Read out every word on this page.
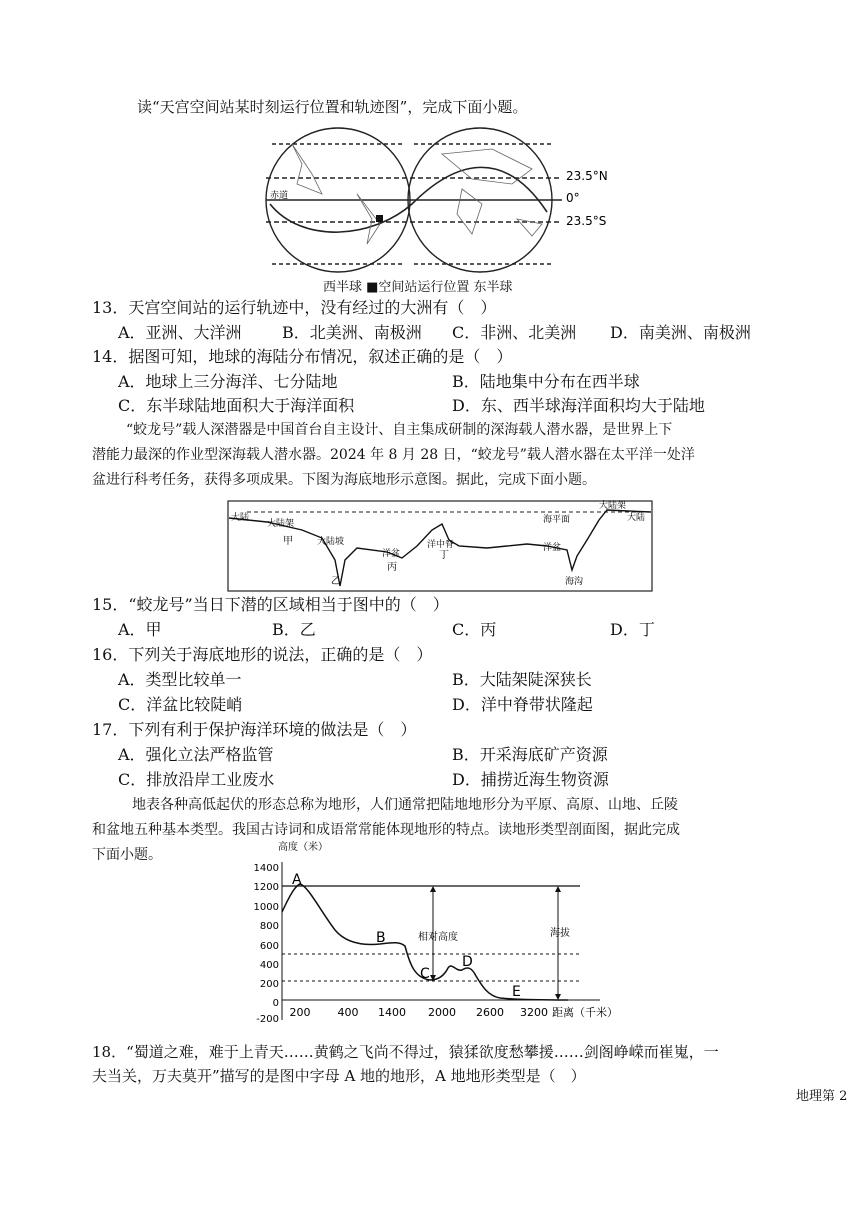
读“天宫空间站某时刻运行位置和轨迹图”，完成下面小题。
23.5°N
0°
23.5°S
赤道
西半球 ■空间站运行位置 东半球
13．天宫空间站的运行轨迹中，没有经过的大洲有（　）
A．亚洲、大洋洲	B．北美洲、南极洲 C．非洲、北美洲 D．南美洲、南极洲
14．据图可知，地球的海陆分布情况，叙述正确的是（　）
A．地球上三分海洋、七分陆地	B．陆地集中分布在西半球
C．东半球陆地面积大于海洋面积	D．东、西半球海洋面积均大于陆地
“蛟龙号”载人深潜器是中国首台自主设计、自主集成研制的深海载人潜水器，是世界上下
潜能力最深的作业型深海载人潜水器。2024 年 8 月 28 日，“蛟龙号”载人潜水器在太平洋一处洋
盆进行科考任务，获得多项成果。下图为海底地形示意图。据此，完成下面小题。
大陆	大陆
大陆架
大陆坡
洋盆
洋中脊	洋盆
海平面
大陆架
海沟
甲
乙
丙
丁
15．“蛟龙号”当日下潜的区域相当于图中的（　）
A．甲	B．乙	C．丙	D．丁
16．下列关于海底地形的说法，正确的是（　）
A．类型比较单一	B．大陆架陡深狭长
C．洋盆比较陡峭	D．洋中脊带状隆起
17．下列有利于保护海洋环境的做法是（　）
A．强化立法严格监管	B．开采海底矿产资源
C．排放沿岸工业废水	D．捕捞近海生物资源
地表各种高低起伏的形态总称为地形，人们通常把陆地地形分为平原、高原、山地、丘陵
和盆地五种基本类型。我国古诗词和成语常常能体现地形的特点。读地形类型剖面图，据此完成
下面小题。	高度（米）
1400
1200
1000
800
600
400
200
0
-200
相对高度	海拔
A
B
C
D
E
200 400 1400 2000 2600 3200 距离（千米）
18．“蜀道之难，难于上青天……黄鹤之飞尚不得过，猿猱欲度愁攀援……剑阁峥嵘而崔嵬，一
夫当关，万夫莫开”描写的是图中字母 A 地的地形，A 地地形类型是（　）
地理第 2
